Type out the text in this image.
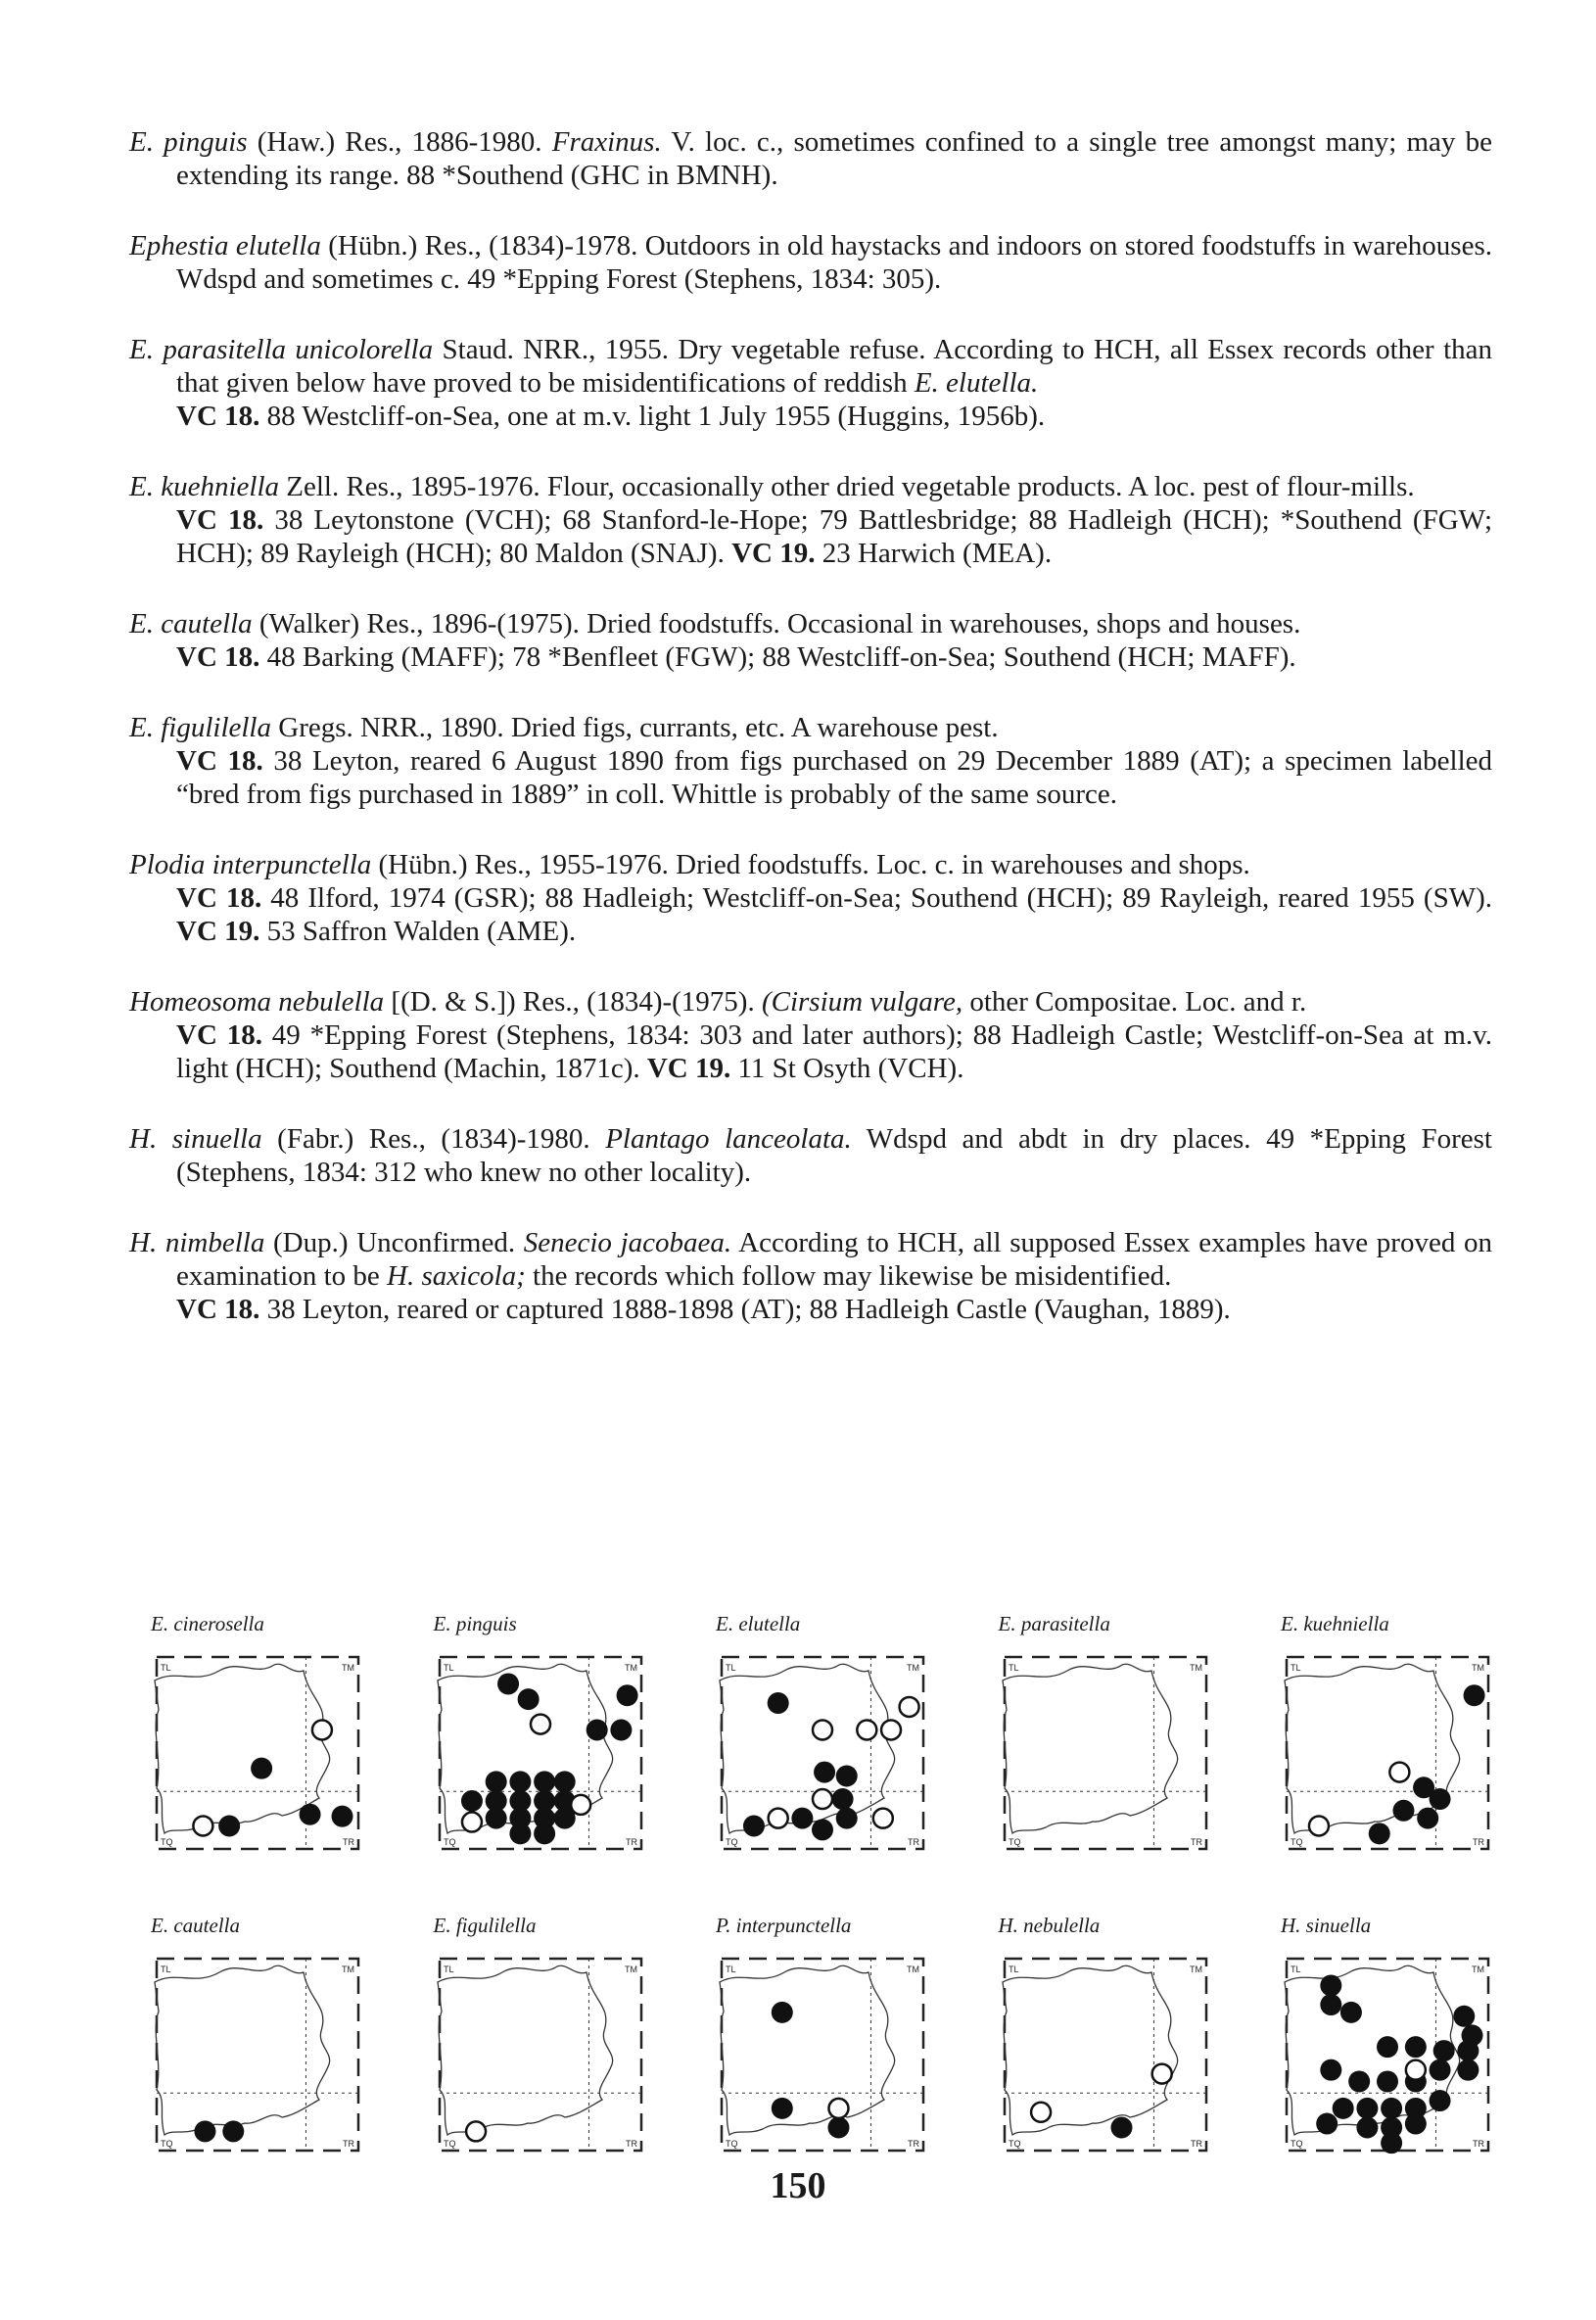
E. pinguis (Haw.) Res., 1886-1980. Fraxinus. V. loc. c., sometimes confined to a single tree amongst many; may be extending its range. 88 *Southend (GHC in BMNH).

Ephestia elutella (Hübn.) Res., (1834)-1978. Outdoors in old haystacks and indoors on stored foodstuffs in warehouses. Wdspd and sometimes c. 49 *Epping Forest (Stephens, 1834: 305).

E. parasitella unicolorella Staud. NRR., 1955. Dry vegetable refuse. According to HCH, all Essex records other than that given below have proved to be misidentifications of reddish E. elutella.

VC 18. 88 Westcliff-on-Sea, one at m.v. light 1 July 1955 (Huggins, 1956b).

E. kuehniella Zell. Res., 1895-1976. Flour, occasionally other dried vegetable products. A loc. pest of flour-mills.

VC 18. 38 Leytonstone (VCH); 68 Stanford-le-Hope; 79 Battlesbridge; 88 Hadleigh (HCH); *Southend (FGW; HCH); 89 Rayleigh (HCH); 80 Maldon (SNAJ). VC 19. 23 Harwich (MEA).

E. cautella (Walker) Res., 1896-(1975). Dried foodstuffs. Occasional in warehouses, shops and houses.

VC 18. 48 Barking (MAFF); 78 *Benfleet (FGW); 88 Westcliff-on-Sea; Southend (HCH; MAFF).

E. figulilella Gregs. NRR., 1890. Dried figs, currants, etc. A warehouse pest.

VC 18. 38 Leyton, reared 6 August 1890 from figs purchased on 29 December 1889 (AT); a specimen labelled “bred from figs purchased in 1889” in coll. Whittle is probably of the same source.

Plodia interpunctella (Hübn.) Res., 1955-1976. Dried foodstuffs. Loc. c. in warehouses and shops.

VC 18. 48 Ilford, 1974 (GSR); 88 Hadleigh; Westcliff-on-Sea; Southend (HCH); 89 Rayleigh, reared 1955 (SW). VC 19. 53 Saffron Walden (AME).

Homeosoma nebulella [(D. & S.]) Res., (1834)-(1975). (Cirsium vulgare, other Compositae. Loc. and r.

VC 18. 49 *Epping Forest (Stephens, 1834: 303 and later authors); 88 Hadleigh Castle; Westcliff-on-Sea at m.v. light (HCH); Southend (Machin, 1871c). VC 19. 11 St Osyth (VCH).

H. sinuella (Fabr.) Res., (1834)-1980. Plantago lanceolata. Wdspd and abdt in dry places. 49 *Epping Forest (Stephens, 1834: 312 who knew no other locality).

H. nimbella (Dup.) Unconfirmed. Senecio jacobaea. According to HCH, all supposed Essex examples have proved on examination to be H. saxicola; the records which follow may likewise be misidentified.

VC 18. 38 Leyton, reared or captured 1888-1898 (AT); 88 Hadleigh Castle (Vaughan, 1889).

E. cinerosella
TL	TM
TQ	TR
E. pinguis
TL	TM
TQ	TR
E. elutella
TL	TM
TQ	TR
E. parasitella
TL	TM
TQ	TR
E. kuehniella
TL	TM
TQ	TR
E. cautella
TL	TM
TQ	TR
E. figulilella
TL	TM
TQ	TR
P. interpunctella
TL	TM
TQ	TR
H. nebulella
TL	TM
TQ	TR
H. sinuella
TL	TM
TQ	TR
150
